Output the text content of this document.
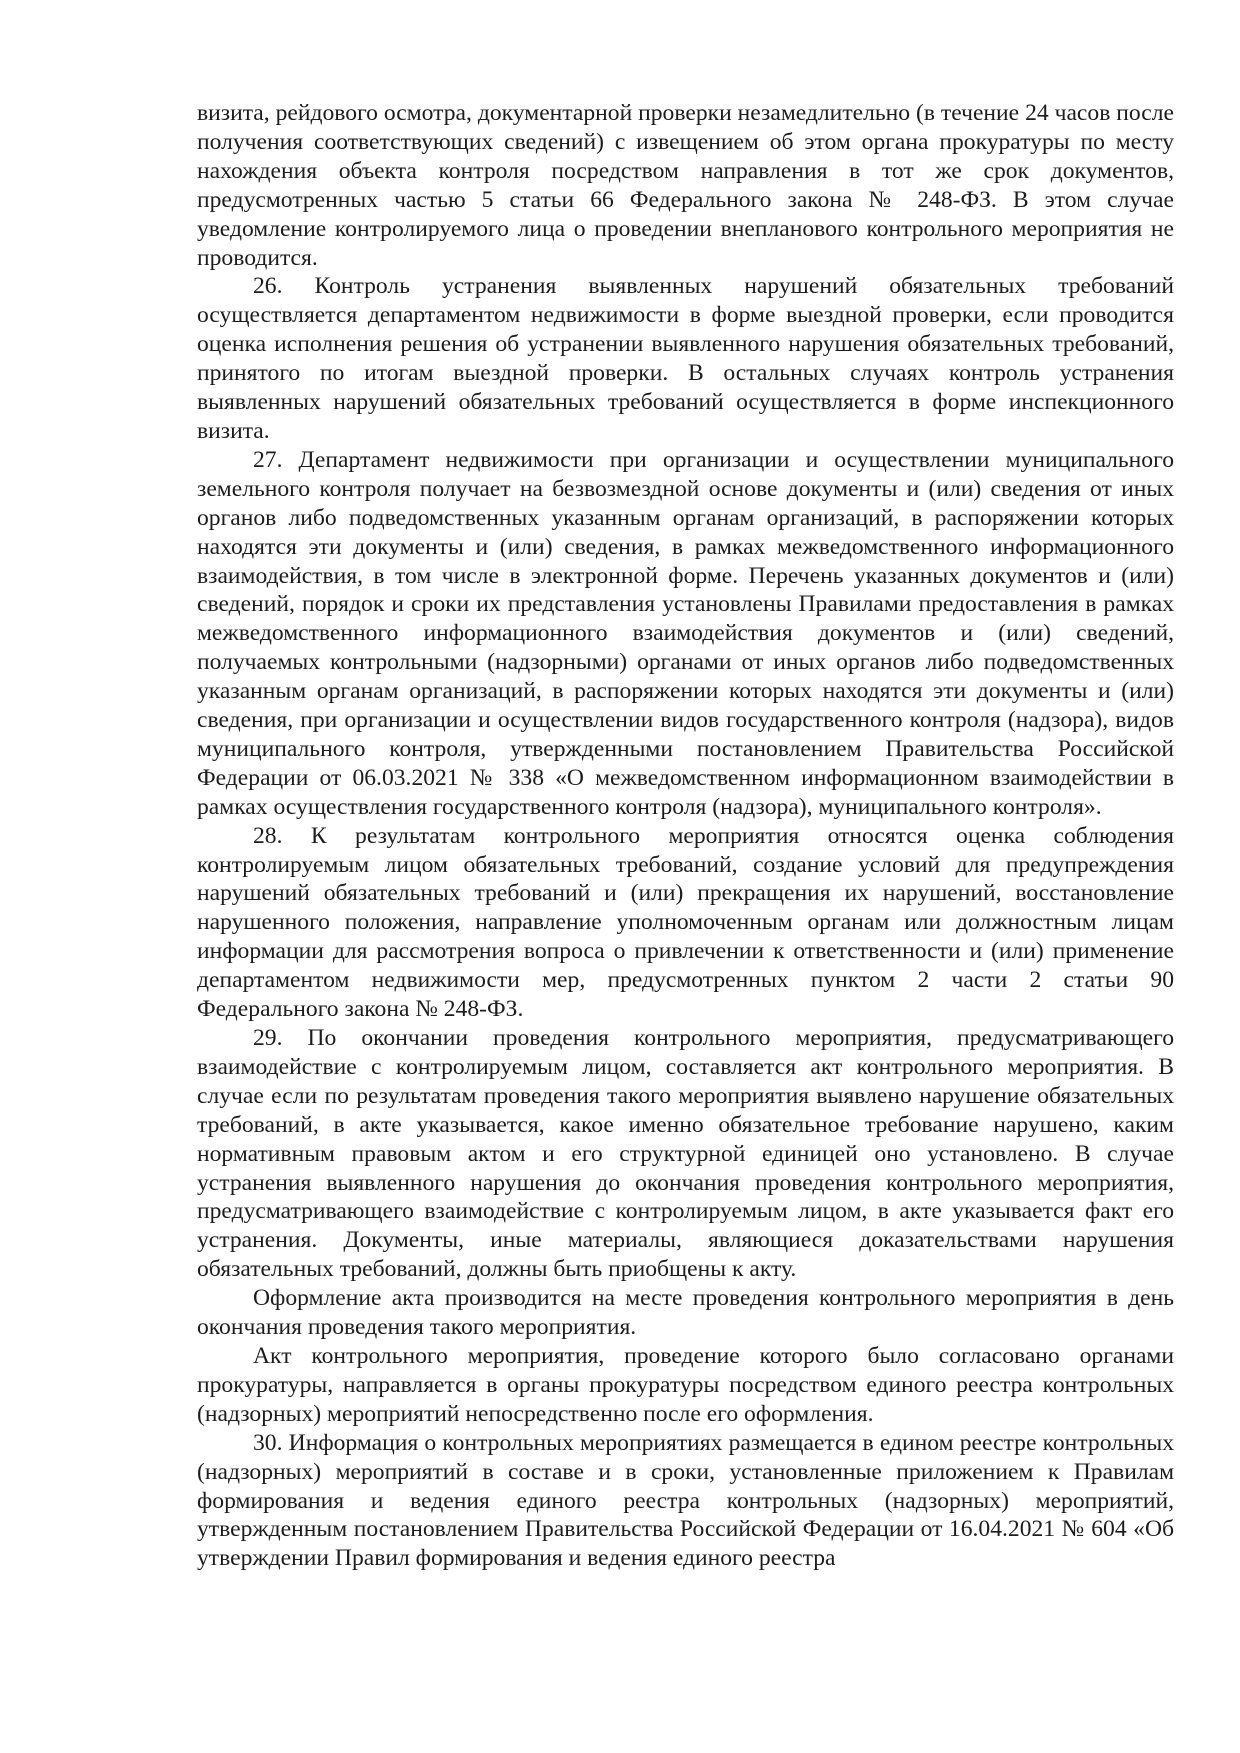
визита, рейдового осмотра, документарной проверки незамедлительно (в течение 24 часов после получения соответствующих сведений) с извещением об этом органа прокуратуры по месту нахождения объекта контроля посредством направления в тот же срок документов, предусмотренных частью 5 статьи 66 Федерального закона № 248-ФЗ. В этом случае уведомление контролируемого лица о проведении внепланового контрольного мероприятия не проводится.

26. Контроль устранения выявленных нарушений обязательных требований осуществляется департаментом недвижимости в форме выездной проверки, если проводится оценка исполнения решения об устранении выявленного нарушения обязательных требований, принятого по итогам выездной проверки. В остальных случаях контроль устранения выявленных нарушений обязательных требований осуществляется в форме инспекционного визита.

27. Департамент недвижимости при организации и осуществлении муниципального земельного контроля получает на безвозмездной основе документы и (или) сведения от иных органов либо подведомственных указанным органам организаций, в распоряжении которых находятся эти документы и (или) сведения, в рамках межведомственного информационного взаимодействия, в том числе в электронной форме. Перечень указанных документов и (или) сведений, порядок и сроки их представления установлены Правилами предоставления в рамках межведомственного информационного взаимодействия документов и (или) сведений, получаемых контрольными (надзорными) органами от иных органов либо подведомственных указанным органам организаций, в распоряжении которых находятся эти документы и (или) сведения, при организации и осуществлении видов государственного контроля (надзора), видов муниципального контроля, утвержденными постановлением Правительства Российской Федерации от 06.03.2021 № 338 «О межведомственном информационном взаимодействии в рамках осуществления государственного контроля (надзора), муниципального контроля».

28. К результатам контрольного мероприятия относятся оценка соблюдения контролируемым лицом обязательных требований, создание условий для предупреждения нарушений обязательных требований и (или) прекращения их нарушений, восстановление нарушенного положения, направление уполномоченным органам или должностным лицам информации для рассмотрения вопроса о привлечении к ответственности и (или) применение департаментом недвижимости мер, предусмотренных пунктом 2 части 2 статьи 90 Федерального закона № 248-ФЗ.

29. По окончании проведения контрольного мероприятия, предусматривающего взаимодействие с контролируемым лицом, составляется акт контрольного мероприятия. В случае если по результатам проведения такого мероприятия выявлено нарушение обязательных требований, в акте указывается, какое именно обязательное требование нарушено, каким нормативным правовым актом и его структурной единицей оно установлено. В случае устранения выявленного нарушения до окончания проведения контрольного мероприятия, предусматривающего взаимодействие с контролируемым лицом, в акте указывается факт его устранения. Документы, иные материалы, являющиеся доказательствами нарушения обязательных требований, должны быть приобщены к акту.

Оформление акта производится на месте проведения контрольного мероприятия в день окончания проведения такого мероприятия.

Акт контрольного мероприятия, проведение которого было согласовано органами прокуратуры, направляется в органы прокуратуры посредством единого реестра контрольных (надзорных) мероприятий непосредственно после его оформления.

30. Информация о контрольных мероприятиях размещается в едином реестре контрольных (надзорных) мероприятий в составе и в сроки, установленные приложением к Правилам формирования и ведения единого реестра контрольных (надзорных) мероприятий, утвержденным постановлением Правительства Российской Федерации от 16.04.2021 № 604 «Об утверждении Правил формирования и ведения единого реестра
